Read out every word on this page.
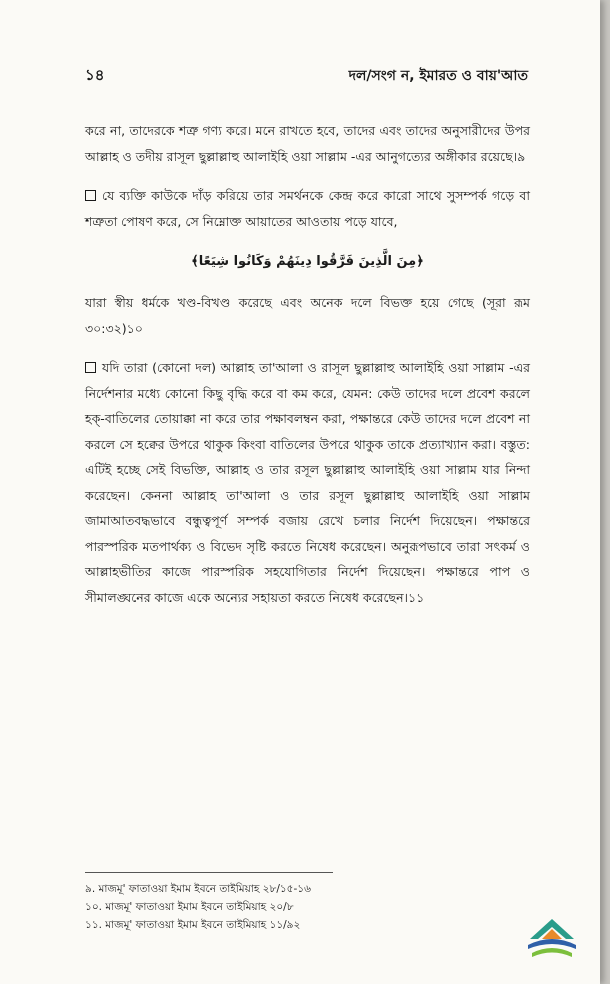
১৪	দল/সংগ ন, ইমারত ও বায়'আত

করে না, তাদেরকে শত্রু গণ্য করে। মনে রাখতে হবে, তাদের এবং তাদের অনুসারীদের উপর আল্লাহ ও তদীয় রাসূল ছুল্লাল্লাহু আলাইহি ওয়া সাল্লাম -এর আনুগত্যের অঙ্গীকার রয়েছে।৯

যে ব্যক্তি কাউকে দাঁড় করিয়ে তার সমর্থনকে কেন্দ্র করে কারো সাথে সুসম্পর্ক গড়ে বা শত্রুতা পোষণ করে, সে নিম্নোক্ত আয়াতের আওতায় পড়ে যাবে,

﴿مِنَ الَّذِينَ فَرَّقُوا دِينَهُمْ وَكَانُوا شِيَعًا﴾

যারা স্বীয় ধর্মকে খণ্ড-বিখণ্ড করেছে এবং অনেক দলে বিভক্ত হয়ে গেছে (সূরা রূম ৩০:৩২)১০

যদি তারা (কোনো দল) আল্লাহ তা'আলা ও রাসূল ছুল্লাল্লাহু আলাইহি ওয়া সাল্লাম -এর নির্দেশনার মধ্যে কোনো কিছু বৃদ্ধি করে বা কম করে, যেমন: কেউ তাদের দলে প্রবেশ করলে হক্-বাতিলের তোয়াক্কা না করে তার পক্ষাবলম্বন করা, পক্ষান্তরে কেউ তাদের দলে প্রবেশ না করলে সে হক্বের উপরে থাকুক কিংবা বাতিলের উপরে থাকুক তাকে প্রত্যাখ্যান করা। বস্তুত: এটিই হচ্ছে সেই বিভক্তি, আল্লাহ ও তার রসূল ছুল্লাল্লাহু আলাইহি ওয়া সাল্লাম যার নিন্দা করেছেন। কেননা আল্লাহ তা'আলা ও তার রসূল ছুল্লাল্লাহু আলাইহি ওয়া সাল্লাম জামাআতবদ্ধভাবে বন্ধুত্বপূর্ণ সম্পর্ক বজায় রেখে চলার নির্দেশ দিয়েছেন। পক্ষান্তরে পারস্পরিক মতপার্থক্য ও বিভেদ সৃষ্টি করতে নিষেধ করেছেন। অনুরূপভাবে তারা সৎকর্ম ও আল্লাহভীতির কাজে পারস্পরিক সহযোগিতার নির্দেশ দিয়েছেন। পক্ষান্তরে পাপ ও সীমালঙ্ঘনের কাজে একে অন্যের সহায়তা করতে নিষেধ করেছেন।১১

৯. মাজমূ' ফাতাওয়া ইমাম ইবনে তাইমিয়াহ ২৮/১৫-১৬
১০. মাজমূ' ফাতাওয়া ইমাম ইবনে তাইমিয়াহ ২০/৮
১১. মাজমূ' ফাতাওয়া ইমাম ইবনে তাইমিয়াহ ১১/৯২
